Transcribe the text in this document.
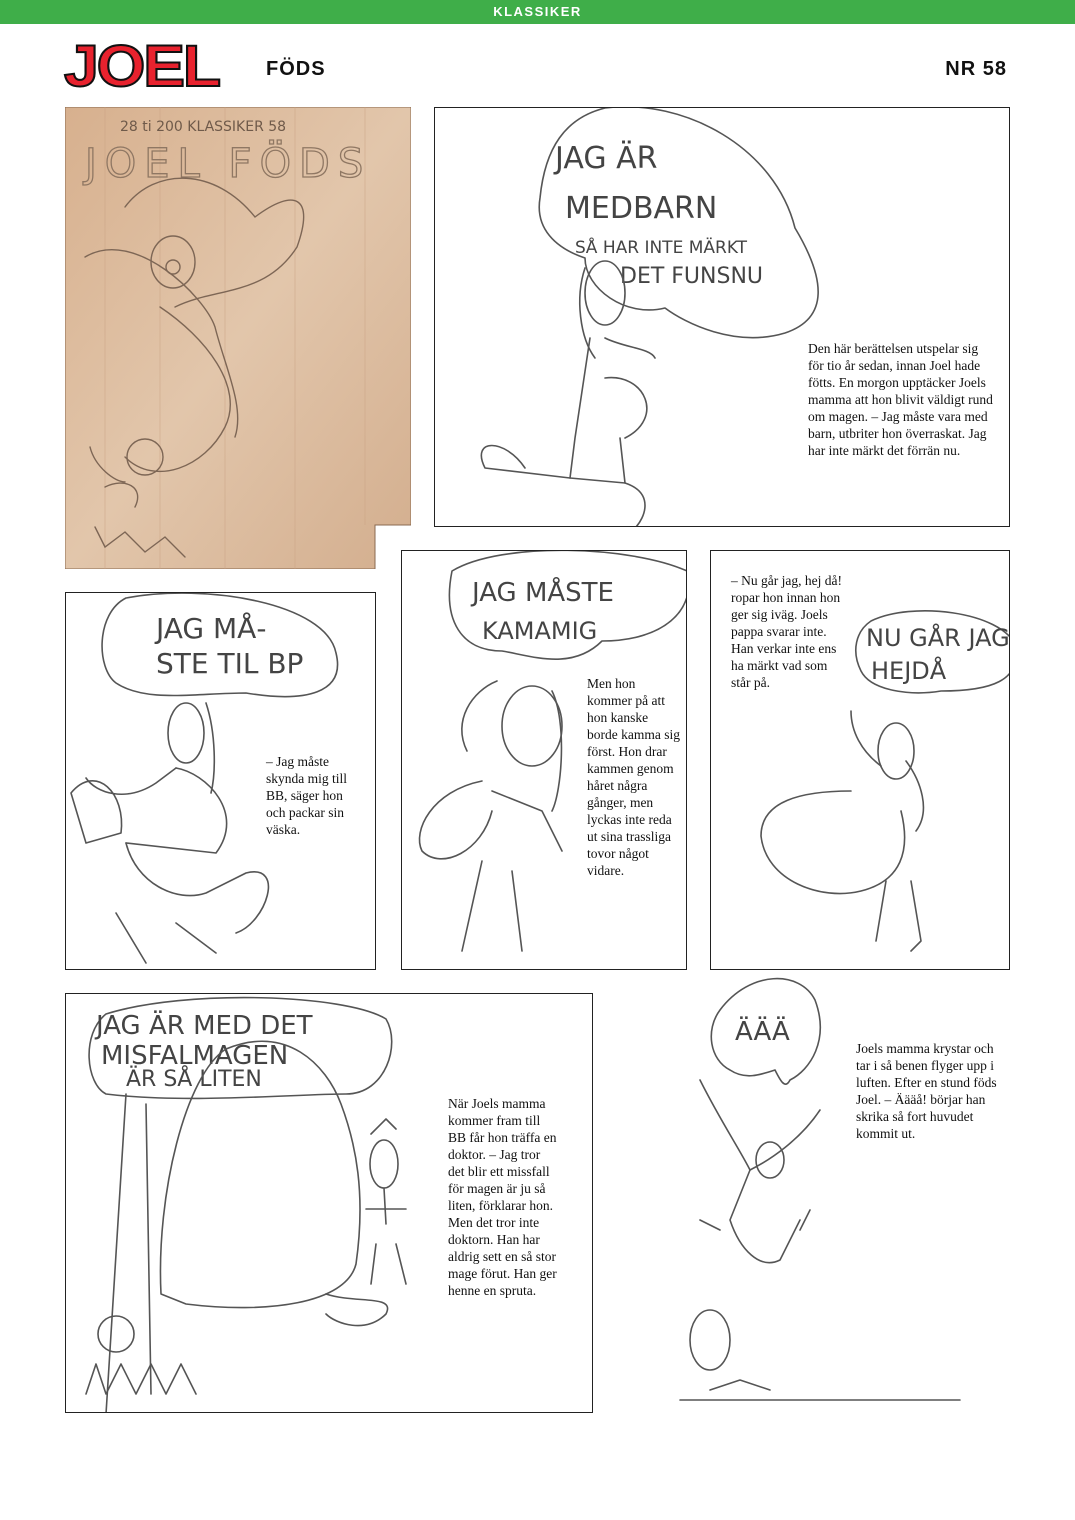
KLASSIKER
JOEL FÖDS	NR 58
28 ti 200 KLASSIKER 58
JOEL FÖDS	JAG ÄR
MEDBARN
SÅ HAR INTE MÄRKT
DET FUNSNU
Den här berättelsen utspelar sig för tio år sedan, innan Joel hade fötts. En morgon upptäcker Joels mamma att hon blivit väldigt rund om magen. – Jag måste vara med barn, utbriter hon överraskat. Jag har inte märkt det förrän nu.
JAG MÅ-
STE TIL BP
– Jag måste skynda mig till BB, säger hon och packar sin väska.
JAG MÅSTE
KAMAMIG
Men hon kommer på att hon kanske borde kamma sig först. Hon drar kammen genom håret några gånger, men lyckas inte reda ut sina trassliga tovor något vidare.
NU GÅR JAG
HEJDÅ
– Nu går jag, hej då! ropar hon innan hon ger sig iväg. Joels pappa svarar inte. Han verkar inte ens ha märkt vad som står på.
JAG ÄR MED DET
MISFALMAGEN
ÄR SÅ LITEN
När Joels mamma kommer fram till BB får hon träffa en doktor. – Jag tror det blir ett missfall för magen är ju så liten, förklarar hon. Men det tror inte doktorn. Han har aldrig sett en så stor mage förut. Han ger henne en spruta.
ÄÄÄ
Joels mamma krystar och tar i så benen flyger upp i luften. Efter en stund föds Joel. – Äääå! börjar han skrika så fort huvudet kommit ut.
